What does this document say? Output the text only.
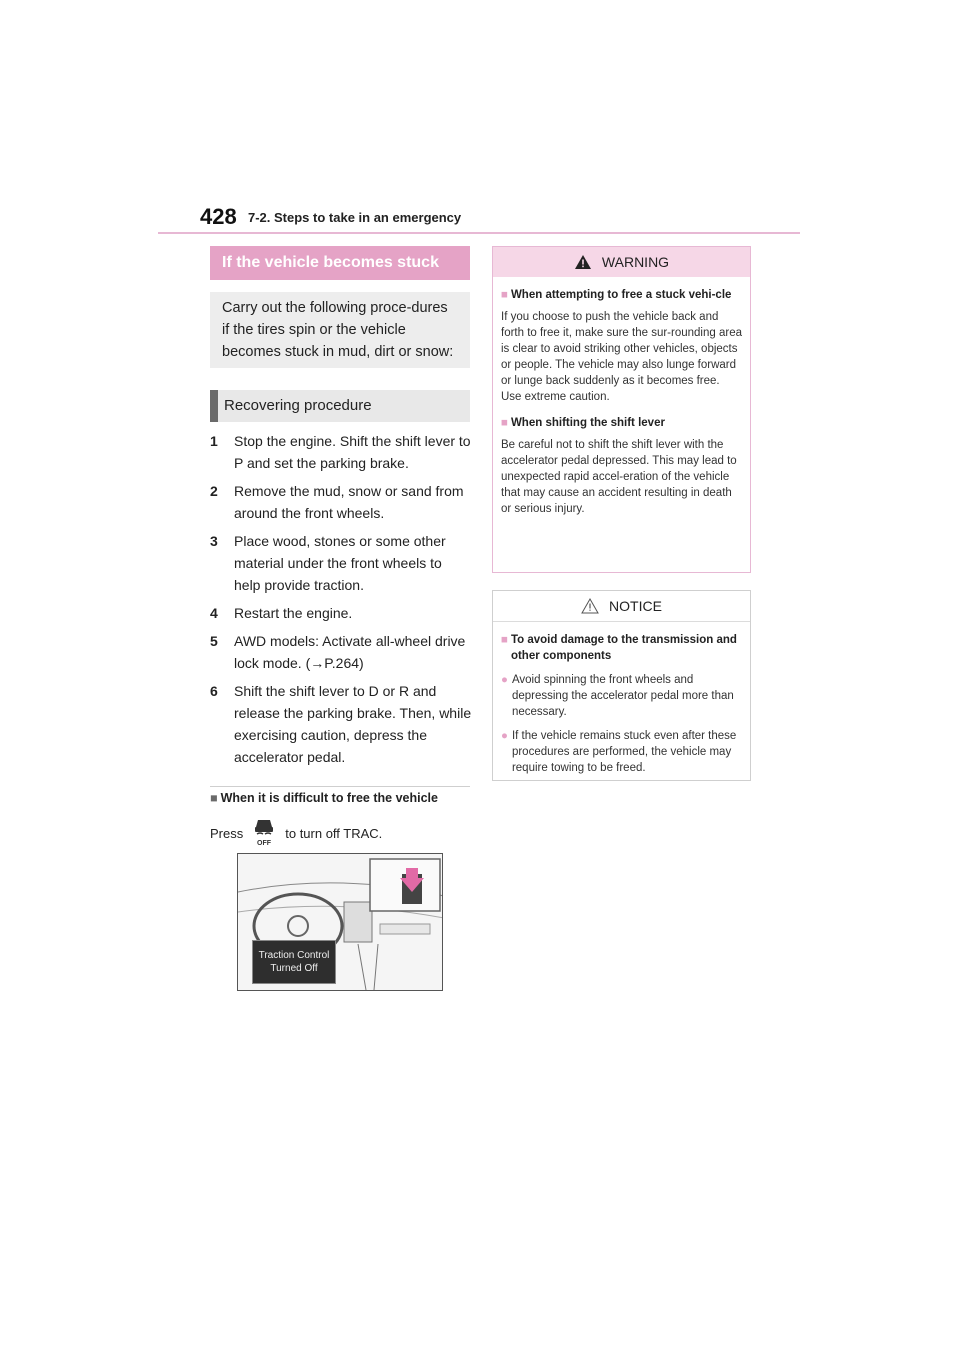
428 7-2. Steps to take in an emergency
If the vehicle becomes stuck
Carry out the following proce-dures if the tires spin or the vehicle becomes stuck in mud, dirt or snow:
Recovering procedure
1	Stop the engine. Shift the shift lever to P and set the parking brake.
2	Remove the mud, snow or sand from around the front wheels.
3	Place wood, stones or some other material under the front wheels to help provide traction.
4	Restart the engine.
5	AWD models: Activate all-wheel drive lock mode. (→P.264)
6	Shift the shift lever to D or R and release the parking brake. Then, while exercising caution, depress the accelerator pedal.
■ When it is difficult to free the vehicle
Press
OFF
to turn off TRAC.
Traction Control
Turned Off
WARNING
■ When attempting to free a stuck vehi-cle
If you choose to push the vehicle back and forth to free it, make sure the sur-rounding area is clear to avoid striking other vehicles, objects or people. The vehicle may also lunge forward or lunge back suddenly as it becomes free. Use extreme caution.
■ When shifting the shift lever
Be careful not to shift the shift lever with the accelerator pedal depressed. This may lead to unexpected rapid accel-eration of the vehicle that may cause an accident resulting in death or serious injury.
NOTICE
■ To avoid damage to the transmission and other components
● Avoid spinning the front wheels and depressing the accelerator pedal more than necessary.
● If the vehicle remains stuck even after these procedures are performed, the vehicle may require towing to be freed.
